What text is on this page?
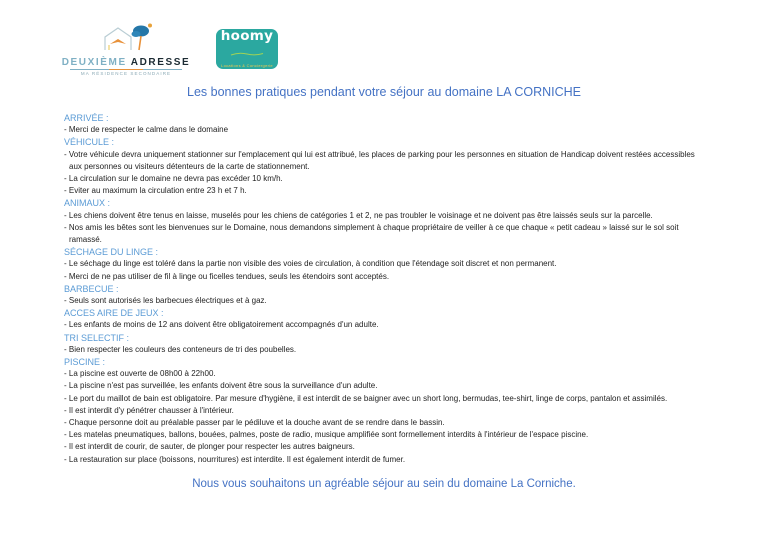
DEUXIÈME ADRESSE
MA RÉSIDENCE SECONDAIRE
hoomy
Locations & Conciergerie
Les bonnes pratiques pendant votre séjour au domaine LA CORNICHE
ARRIVÉE :

- Merci de respecter le calme dans le domaine

VÉHICULE :

- Votre véhicule devra uniquement stationner sur l'emplacement qui lui est attribué, les places de parking pour les personnes en situation de Handicap doivent restées accessibles aux personnes ou visiteurs détenteurs de la carte de stationnement.

- La circulation sur le domaine ne devra pas excéder 10 km/h.

- Eviter au maximum la circulation entre 23 h et 7 h.

ANIMAUX :

- Les chiens doivent être tenus en laisse, muselés pour les chiens de catégories 1 et 2, ne pas troubler le voisinage et ne doivent pas être laissés seuls sur la parcelle.

- Nos amis les bêtes sont les bienvenues sur le Domaine, nous demandons simplement à chaque propriétaire de veiller à ce que chaque « petit cadeau » laissé sur le sol soit ramassé.

SÉCHAGE DU LINGE :

- Le séchage du linge est toléré dans la partie non visible des voies de circulation, à condition que l'étendage soit discret et non permanent.

- Merci de ne pas utiliser de fil à linge ou ficelles tendues, seuls les étendoirs sont acceptés.

BARBECUE :

- Seuls sont autorisés les barbecues électriques et à gaz.

ACCES AIRE DE JEUX :

- Les enfants de moins de 12 ans doivent être obligatoirement accompagnés d'un adulte.

TRI SELECTIF :

- Bien respecter les couleurs des conteneurs de tri des poubelles.

PISCINE :

- La piscine est ouverte de 08h00 à 22h00.

- La piscine n'est pas surveillée, les enfants doivent être sous la surveillance d'un adulte.

- Le port du maillot de bain est obligatoire. Par mesure d'hygiène, il est interdit de se baigner avec un short long, bermudas, tee-shirt, linge de corps, pantalon et assimilés.

- Il est interdit d'y pénétrer chausser à l'intérieur.

- Chaque personne doit au préalable passer par le pédiluve et la douche avant de se rendre dans le bassin.

- Les matelas pneumatiques, ballons, bouées, palmes, poste de radio, musique amplifiée sont formellement interdits à l'intérieur de l'espace piscine.

- Il est interdit de courir, de sauter, de plonger pour respecter les autres baigneurs.

- La restauration sur place (boissons, nourritures) est interdite. Il est également interdit de fumer.

Nous vous souhaitons un agréable séjour au sein du domaine La Corniche.
